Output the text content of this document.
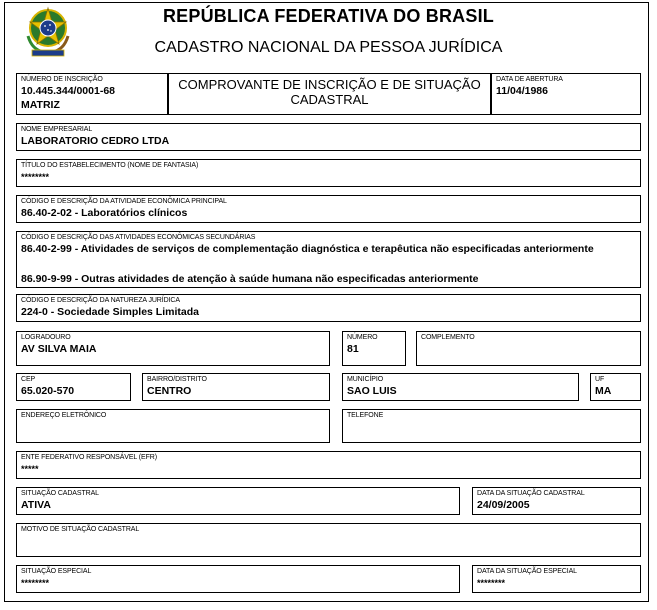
REPÚBLICA FEDERATIVA DO BRASIL
CADASTRO NACIONAL DA PESSOA JURÍDICA
NÚMERO DE INSCRIÇÃO
10.445.344/0001-68
MATRIZ
COMPROVANTE DE INSCRIÇÃO E DE SITUAÇÃO CADASTRAL
DATA DE ABERTURA
11/04/1986
NOME EMPRESARIAL
LABORATORIO CEDRO LTDA
TÍTULO DO ESTABELECIMENTO (NOME DE FANTASIA)
********
CÓDIGO E DESCRIÇÃO DA ATIVIDADE ECONÔMICA PRINCIPAL
86.40-2-02 - Laboratórios clínicos
CÓDIGO E DESCRIÇÃO DAS ATIVIDADES ECONÔMICAS SECUNDÁRIAS
86.40-2-99 - Atividades de serviços de complementação diagnóstica e terapêutica não especificadas anteriormente
86.90-9-99 - Outras atividades de atenção à saúde humana não especificadas anteriormente
CÓDIGO E DESCRIÇÃO DA NATUREZA JURÍDICA
224-0 - Sociedade Simples Limitada
LOGRADOURO
AV SILVA MAIA
NÚMERO
81
COMPLEMENTO
CEP
65.020-570
BAIRRO/DISTRITO
CENTRO
MUNICÍPIO
SAO LUIS
UF
MA
ENDEREÇO ELETRÔNICO	TELEFONE
ENTE FEDERATIVO RESPONSÁVEL (EFR)
*****
SITUAÇÃO CADASTRAL
ATIVA
DATA DA SITUAÇÃO CADASTRAL
24/09/2005
MOTIVO DE SITUAÇÃO CADASTRAL
SITUAÇÃO ESPECIAL
********
DATA DA SITUAÇÃO ESPECIAL
********
